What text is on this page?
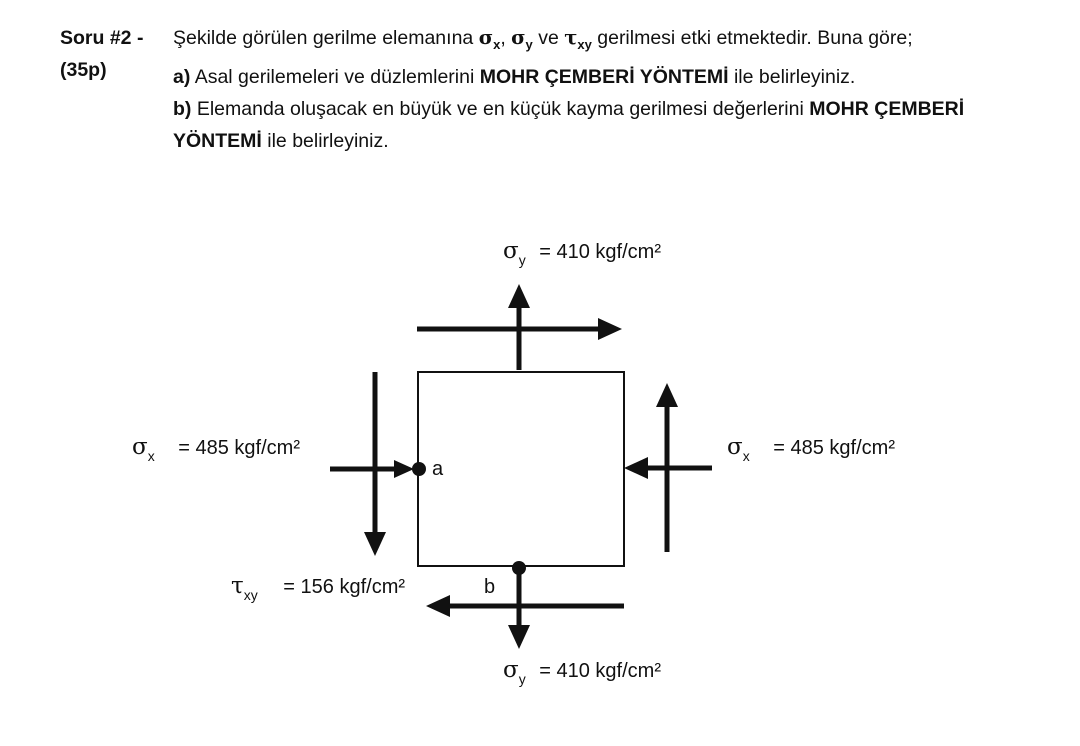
Soru #2 -
(35p)

Şekilde görülen gerilme elemanına $\sigma_x$, $\sigma_y$ ve $\tau_{xy}$ gerilmesi etki etmektedir. Buna göre;

a) Asal gerilemeleri ve düzlemlerini MOHR ÇEMBERİ YÖNTEMİ ile belirleyiniz.

b) Elemanda oluşacak en büyük ve en küçük kayma gerilmesi değerlerini MOHR ÇEMBERİ
YÖNTEMİ ile belirleyiniz.

$\sigma_y = 410$ kgf/cm²
$\sigma_x = 485$ kgf/cm²	$\sigma_x = 485$ kgf/cm²
a
$\tau_{xy} = 156$ kgf/cm²	b
$\sigma_y = 410$ kgf/cm²
